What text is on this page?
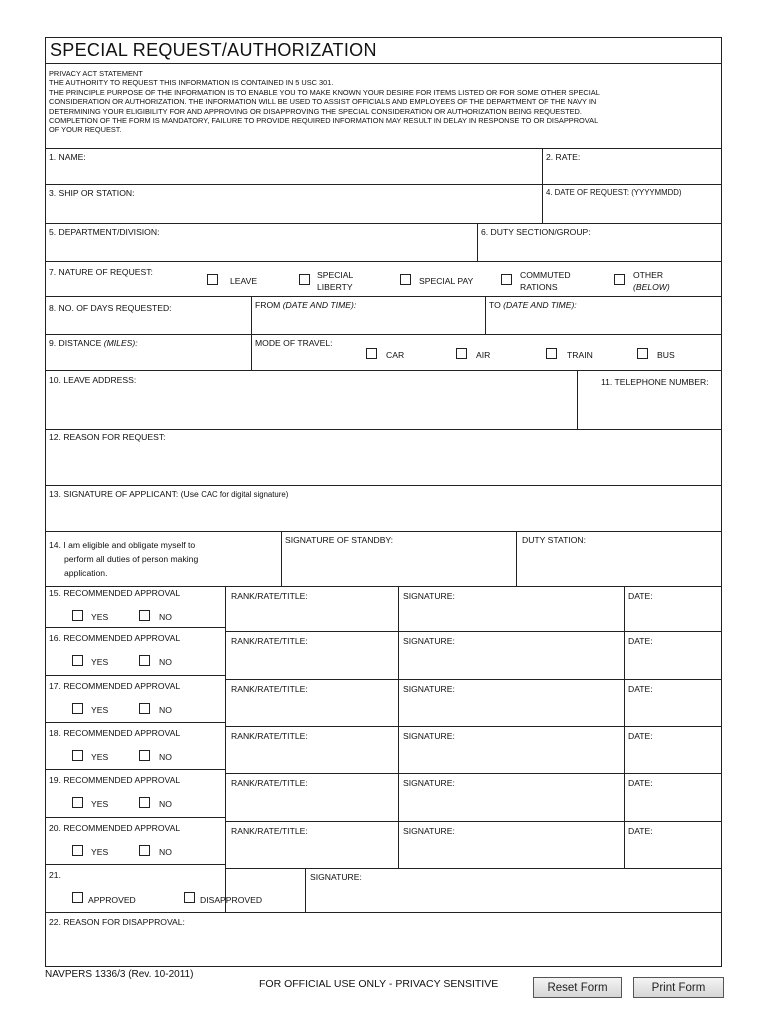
SPECIAL REQUEST/AUTHORIZATION
PRIVACY ACT STATEMENT
THE AUTHORITY TO REQUEST THIS INFORMATION IS CONTAINED IN 5 USC 301.
THE PRINCIPLE PURPOSE OF THE INFORMATION IS TO ENABLE YOU TO MAKE KNOWN YOUR DESIRE FOR ITEMS LISTED OR FOR SOME OTHER SPECIAL
CONSIDERATION OR AUTHORIZATION. THE INFORMATION WILL BE USED TO ASSIST OFFICIALS AND EMPLOYEES OF THE DEPARTMENT OF THE NAVY IN
DETERMINING YOUR ELIGIBILITY FOR AND APPROVING OR DISAPPROVING THE SPECIAL CONSIDERATION OR AUTHORIZATION BEING REQUESTED.
COMPLETION OF THE FORM IS MANDATORY, FAILURE TO PROVIDE REQUIRED INFORMATION MAY RESULT IN DELAY IN RESPONSE TO OR DISAPPROVAL
OF YOUR REQUEST.
1. NAME:	2. RATE:
3. SHIP OR STATION:	4. DATE OF REQUEST: (YYYYMMDD)
5. DEPARTMENT/DIVISION:	6. DUTY SECTION/GROUP:
7. NATURE OF REQUEST:
LEAVE
SPECIAL
LIBERTY
SPECIAL PAY
COMMUTED
RATIONS
OTHER
(BELOW)
8. NO. OF DAYS REQUESTED:	FROM (DATE AND TIME):	TO (DATE AND TIME):
9. DISTANCE (MILES):	MODE OF TRAVEL:
CAR	AIR	TRAIN	BUS
10. LEAVE ADDRESS:	11. TELEPHONE NUMBER:
12. REASON FOR REQUEST:
13. SIGNATURE OF APPLICANT: (Use CAC for digital signature)
14. I am eligible and obligate myself to
perform all duties of person making
application.
SIGNATURE OF STANDBY:	DUTY STATION:
15. RECOMMENDED APPROVAL
YES	NO
RANK/RATE/TITLE:	SIGNATURE:	DATE:
16. RECOMMENDED APPROVAL
YES	NO
RANK/RATE/TITLE:	SIGNATURE:	DATE:
17. RECOMMENDED APPROVAL
YES	NO
RANK/RATE/TITLE:	SIGNATURE:	DATE:
18. RECOMMENDED APPROVAL
YES	NO
RANK/RATE/TITLE:	SIGNATURE:	DATE:
19. RECOMMENDED APPROVAL
YES	NO
RANK/RATE/TITLE:	SIGNATURE:	DATE:
20. RECOMMENDED APPROVAL
YES	NO
RANK/RATE/TITLE:	SIGNATURE:	DATE:
21.
APPROVED	DISAPPROVED
SIGNATURE:
22. REASON FOR DISAPPROVAL:
NAVPERS 1336/3 (Rev. 10-2011)
FOR OFFICIAL USE ONLY - PRIVACY SENSITIVE	Reset Form	Print Form
